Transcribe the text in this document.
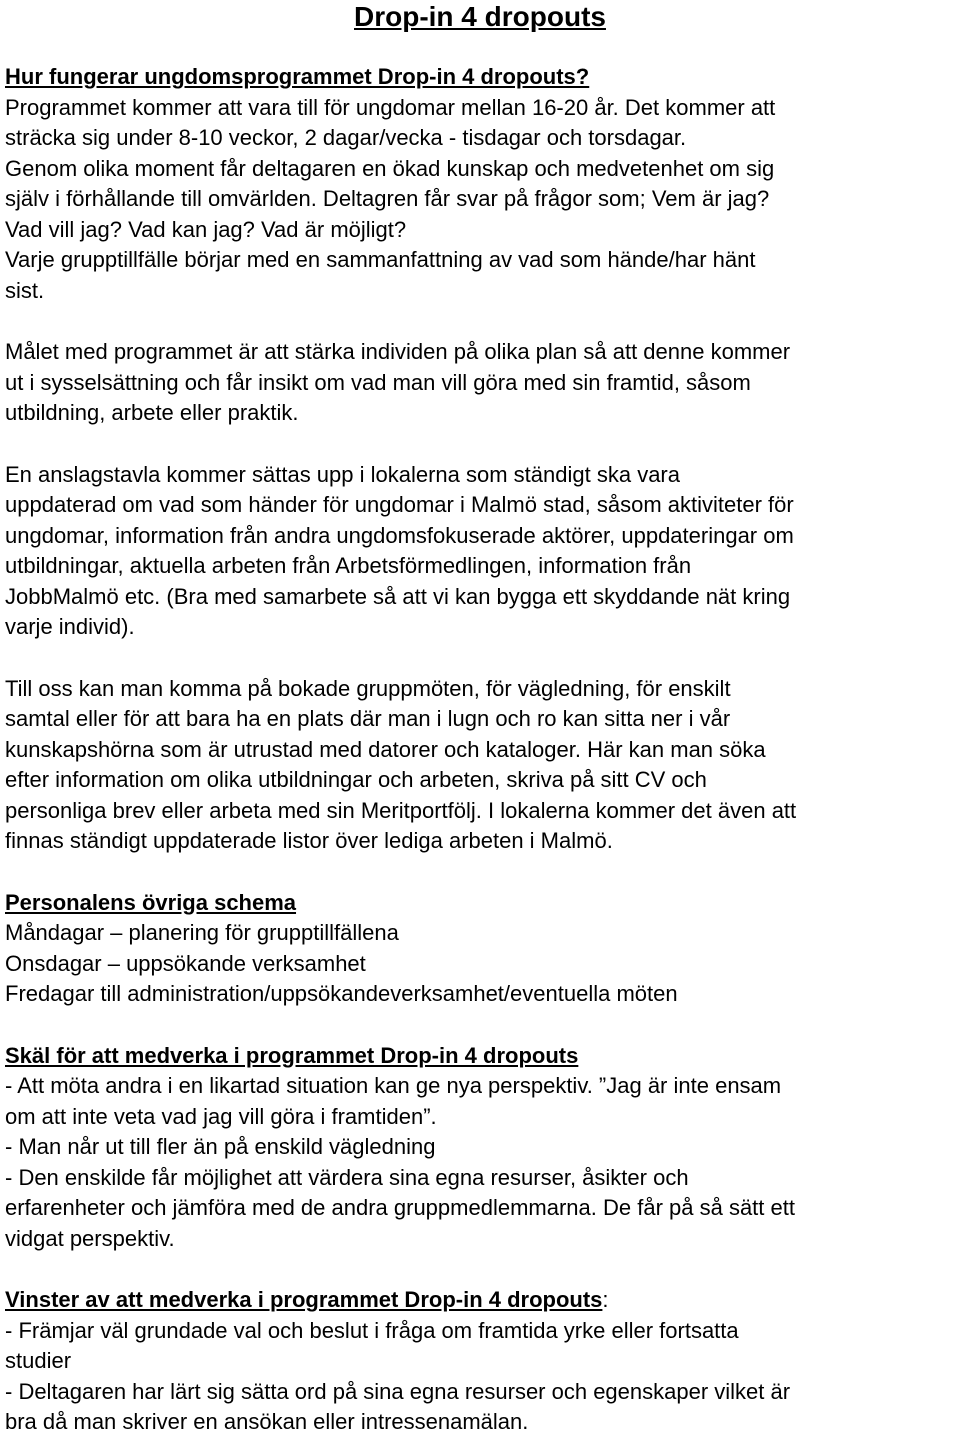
Drop-in 4 dropouts

Hur fungerar ungdomsprogrammet Drop-in 4 dropouts?

Programmet kommer att vara till för ungdomar mellan 16-20 år. Det kommer att
sträcka sig under 8-10 veckor, 2 dagar/vecka - tisdagar och torsdagar.
Genom olika moment får deltagaren en ökad kunskap och medvetenhet om sig
själv i förhållande till omvärlden. Deltagren får svar på frågor som; Vem är jag?
Vad vill jag? Vad kan jag? Vad är möjligt?
Varje grupptillfälle börjar med en sammanfattning av vad som hände/har hänt
sist.

Målet med programmet är att stärka individen på olika plan så att denne kommer
ut i sysselsättning och får insikt om vad man vill göra med sin framtid, såsom
utbildning, arbete eller praktik.

En anslagstavla kommer sättas upp i lokalerna som ständigt ska vara
uppdaterad om vad som händer för ungdomar i Malmö stad, såsom aktiviteter för
ungdomar, information från andra ungdomsfokuserade aktörer, uppdateringar om
utbildningar, aktuella arbeten från Arbetsförmedlingen, information från
JobbMalmö etc. (Bra med samarbete så att vi kan bygga ett skyddande nät kring
varje individ).

Till oss kan man komma på bokade gruppmöten, för vägledning, för enskilt
samtal eller för att bara ha en plats där man i lugn och ro kan sitta ner i vår
kunskapshörna som är utrustad med datorer och kataloger. Här kan man söka
efter information om olika utbildningar och arbeten, skriva på sitt CV och
personliga brev eller arbeta med sin Meritportfölj. I lokalerna kommer det även att
finnas ständigt uppdaterade listor över lediga arbeten i Malmö.

Personalens övriga schema

Måndagar – planering för grupptillfällena
Onsdagar – uppsökande verksamhet
Fredagar till administration/uppsökandeverksamhet/eventuella möten

Skäl för att medverka i programmet Drop-in 4 dropouts

- Att möta andra i en likartad situation kan ge nya perspektiv. ”Jag är inte ensam
om att inte veta vad jag vill göra i framtiden”.
- Man når ut till fler än på enskild vägledning
- Den enskilde får möjlighet att värdera sina egna resurser, åsikter och
erfarenheter och jämföra med de andra gruppmedlemmarna. De får på så sätt ett
vidgat perspektiv.

Vinster av att medverka i programmet Drop-in 4 dropouts:

- Främjar väl grundade val och beslut i fråga om framtida yrke eller fortsatta
studier
- Deltagaren har lärt sig sätta ord på sina egna resurser och egenskaper vilket är
bra då man skriver en ansökan eller intressenamälan.
